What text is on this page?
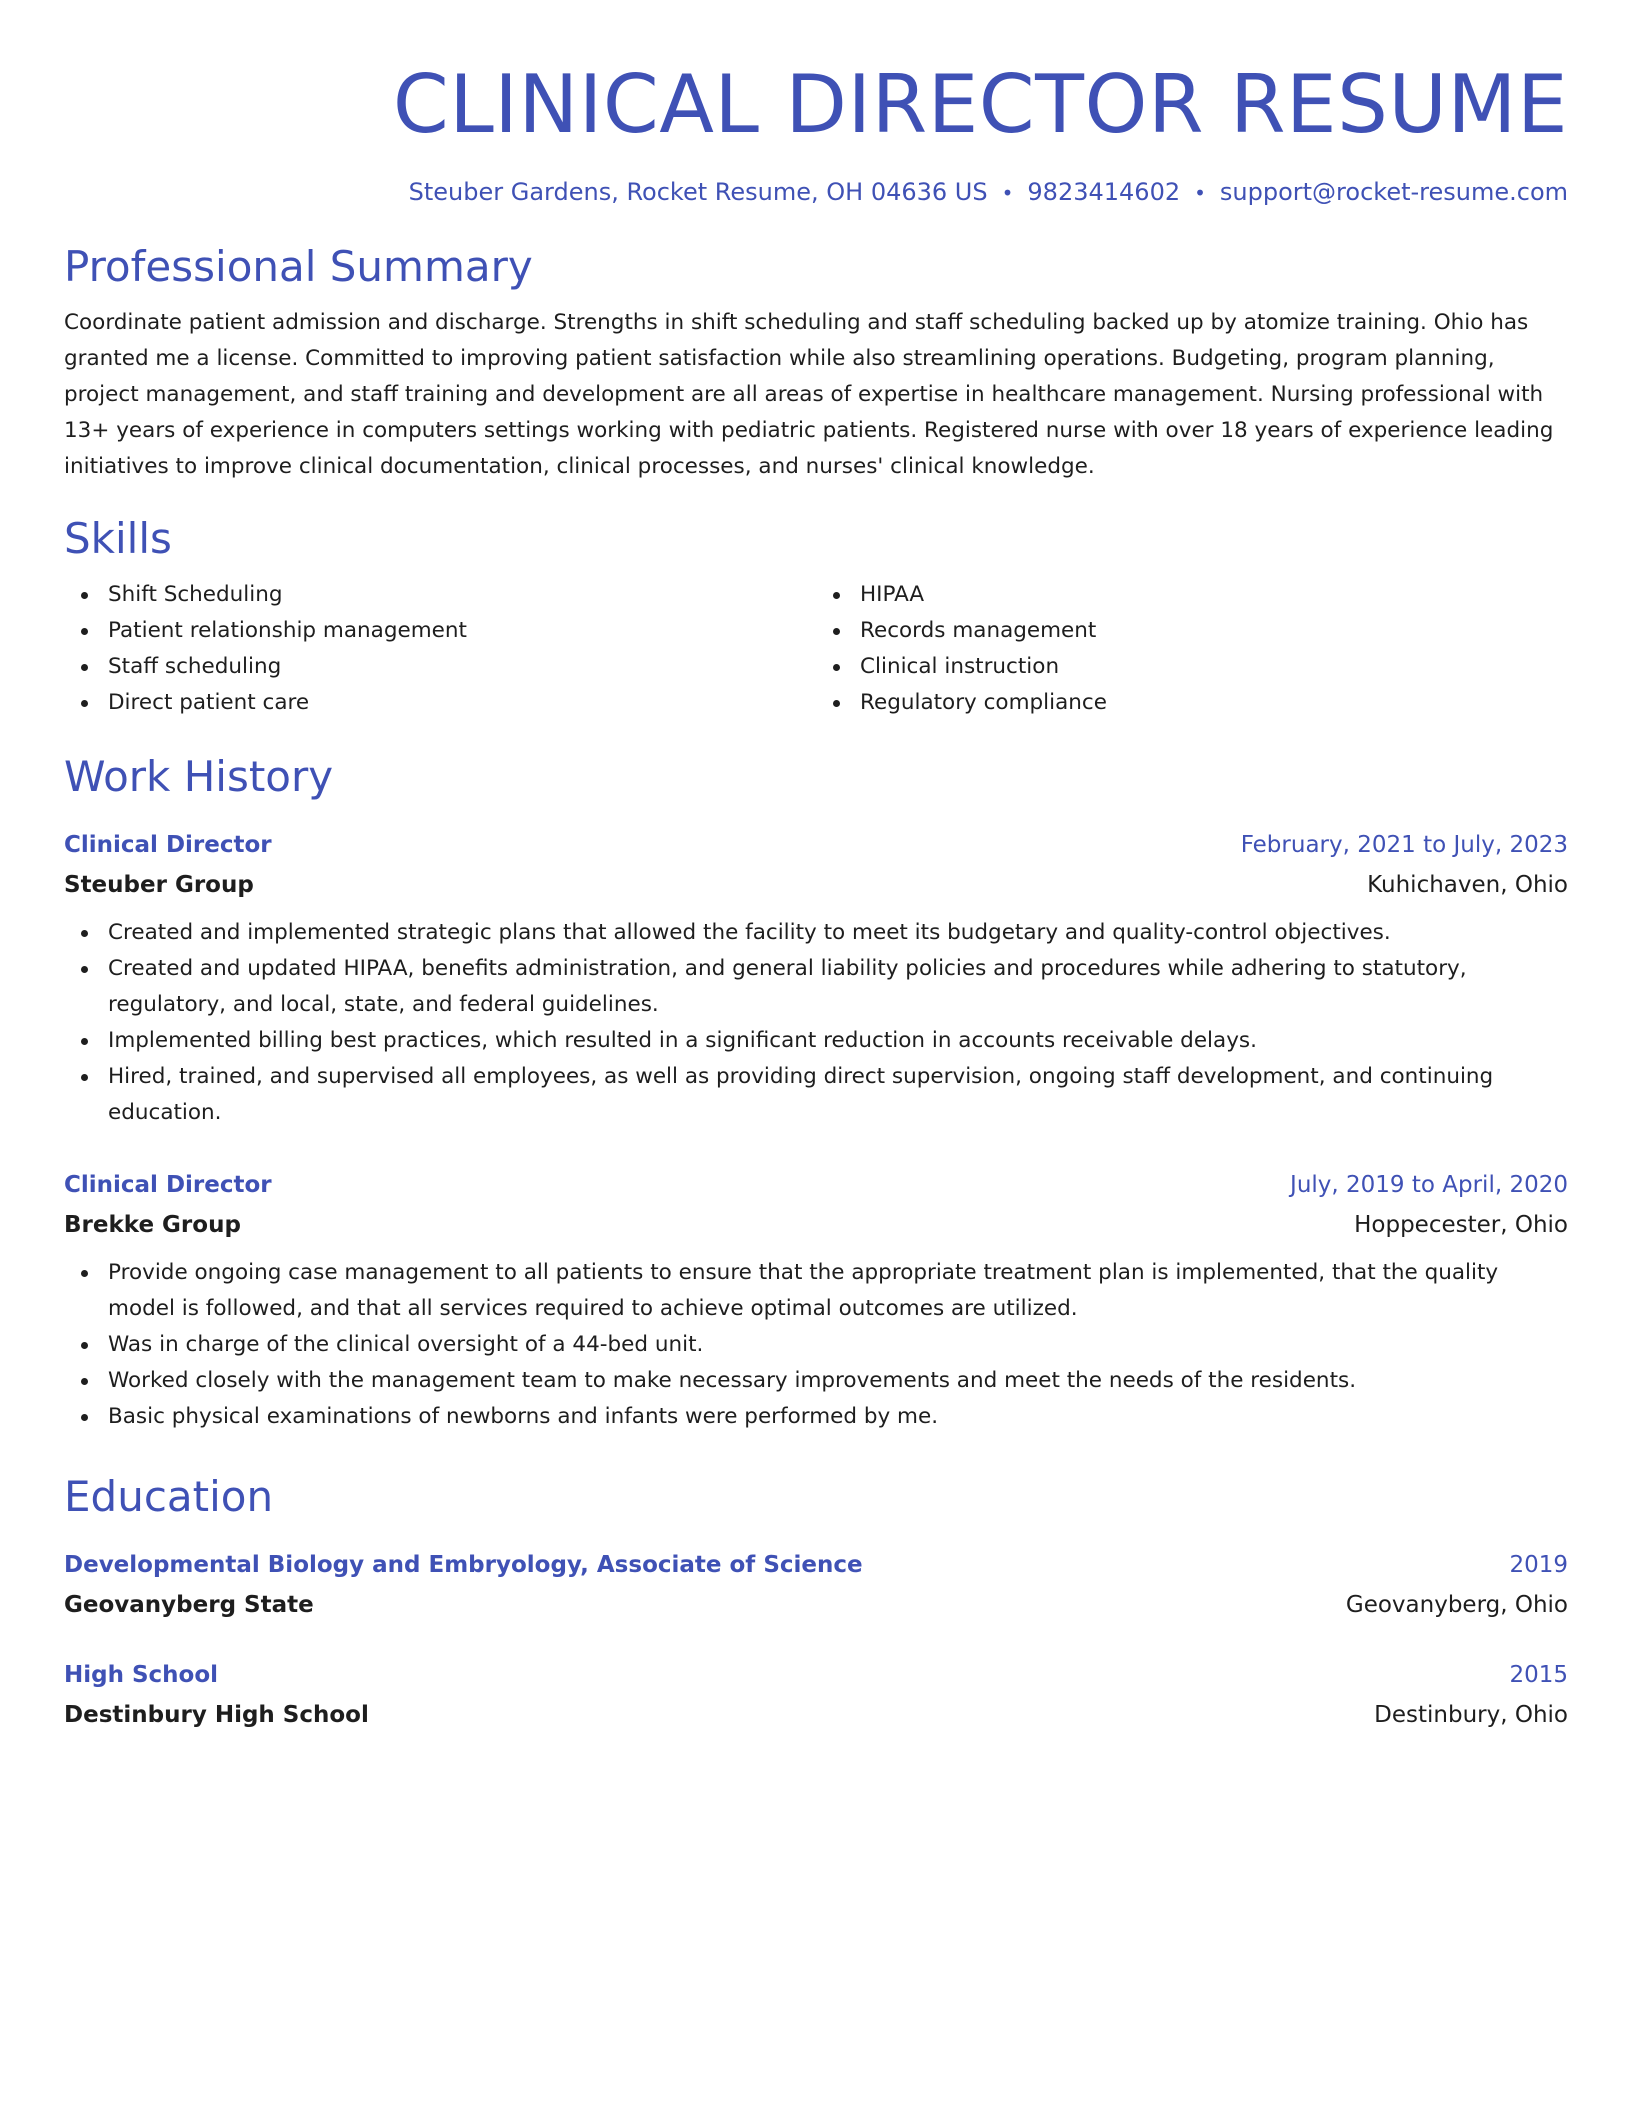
CLINICAL DIRECTOR RESUME
Steuber Gardens, Rocket Resume, OH 04636 US • 9823414602 • support@rocket-resume.com
Professional Summary

Coordinate patient admission and discharge. Strengths in shift scheduling and staff scheduling backed up by atomize training. Ohio has granted me a license. Committed to improving patient satisfaction while also streamlining operations. Budgeting, program planning, project management, and staff training and development are all areas of expertise in healthcare management. Nursing professional with 13+ years of experience in computers settings working with pediatric patients. Registered nurse with over 18 years of experience leading initiatives to improve clinical documentation, clinical processes, and nurses' clinical knowledge.

Skills
Shift Scheduling
Patient relationship management
Staff scheduling
Direct patient care
HIPAA
Records management
Clinical instruction
Regulatory compliance
Work History
Clinical Director	February, 2021 to July, 2023
Steuber Group	Kuhichaven, Ohio
Created and implemented strategic plans that allowed the facility to meet its budgetary and quality-control objectives.
Created and updated HIPAA, benefits administration, and general liability policies and procedures while adhering to statutory, regulatory, and local, state, and federal guidelines.
Implemented billing best practices, which resulted in a significant reduction in accounts receivable delays.
Hired, trained, and supervised all employees, as well as providing direct supervision, ongoing staff development, and continuing education.
Clinical Director	July, 2019 to April, 2020
Brekke Group	Hoppecester, Ohio
Provide ongoing case management to all patients to ensure that the appropriate treatment plan is implemented, that the quality model is followed, and that all services required to achieve optimal outcomes are utilized.
Was in charge of the clinical oversight of a 44-bed unit.
Worked closely with the management team to make necessary improvements and meet the needs of the residents.
Basic physical examinations of newborns and infants were performed by me.
Education
Developmental Biology and Embryology, Associate of Science	2019
Geovanyberg State	Geovanyberg, Ohio
High School	2015
Destinbury High School	Destinbury, Ohio
